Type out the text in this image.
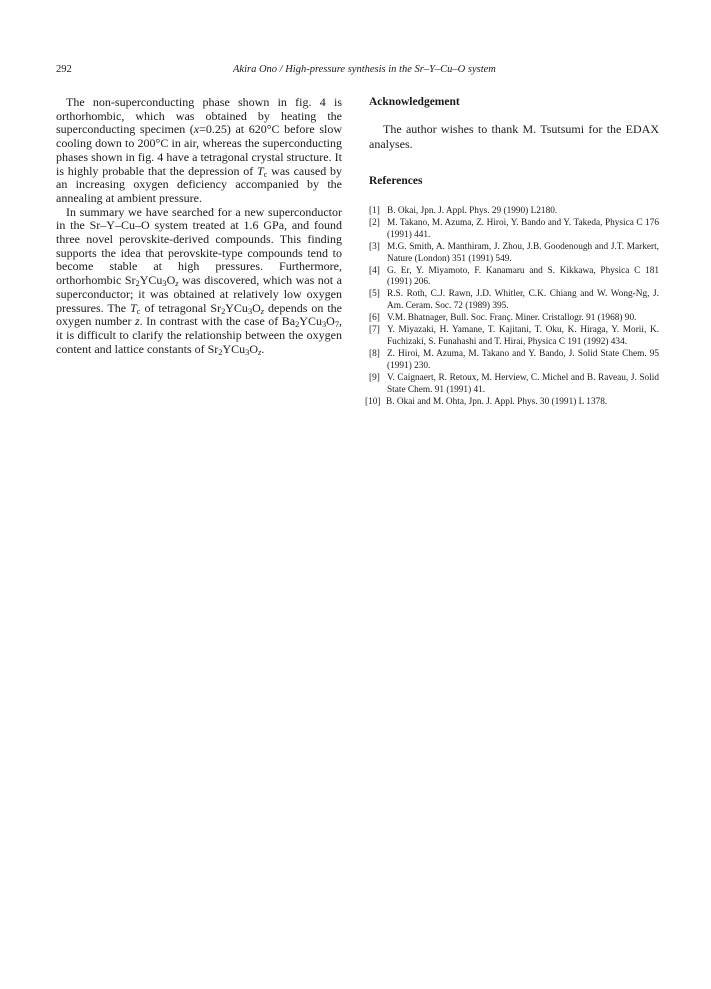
292	Akira Ono / High-pressure synthesis in the Sr–Y–Cu–O system

The non-superconducting phase shown in fig. 4 is orthorhombic, which was obtained by heating the superconducting specimen (x=0.25) at 620°C before slow cooling down to 200°C in air, whereas the superconducting phases shown in fig. 4 have a tetragonal crystal structure. It is highly probable that the depression of $T_c$ was caused by an increasing oxygen deficiency accompanied by the annealing at ambient pressure.

In summary we have searched for a new superconductor in the Sr–Y–Cu–O system treated at 1.6 GPa, and found three novel perovskite-derived compounds. This finding supports the idea that perovskite-type compounds tend to become stable at high pressures. Furthermore, orthorhombic $Sr_2YCu_3O_z$ was discovered, which was not a superconductor; it was obtained at relatively low oxygen pressures. The $T_c$ of tetragonal $Sr_2YCu_3O_z$ depends on the oxygen number z. In contrast with the case of $Ba_2YCu_3O_7$, it is difficult to clarify the relationship between the oxygen content and lattice constants of $Sr_2YCu_3O_z$.

Acknowledgement

The author wishes to thank M. Tsutsumi for the EDAX analyses.

References
[1] B. Okai, Jpn. J. Appl. Phys. 29 (1990) L2180.
[2] M. Takano, M. Azuma, Z. Hiroi, Y. Bando and Y. Takeda, Physica C 176 (1991) 441.
[3] M.G. Smith, A. Manthiram, J. Zhou, J.B. Goodenough and J.T. Markert, Nature (London) 351 (1991) 549.
[4] G. Er, Y. Miyamoto, F. Kanamaru and S. Kikkawa, Physica C 181 (1991) 206.
[5] R.S. Roth, C.J. Rawn, J.D. Whitler, C.K. Chiang and W. Wong-Ng, J. Am. Ceram. Soc. 72 (1989) 395.
[6] V.M. Bhatnager, Bull. Soc. Franç. Miner. Cristallogr. 91 (1968) 90.
[7] Y. Miyazaki, H. Yamane, T. Kajitani, T. Oku, K. Hiraga, Y. Morii, K. Fuchizaki, S. Funahashi and T. Hirai, Physica C 191 (1992) 434.
[8] Z. Hiroi, M. Azuma, M. Takano and Y. Bando, J. Solid State Chem. 95 (1991) 230.
[9] V. Caignaert, R. Retoux, M. Herview, C. Michel and B. Raveau, J. Solid State Chem. 91 (1991) 41.
[10] B. Okai and M. Ohta, Jpn. J. Appl. Phys. 30 (1991) L 1378.
